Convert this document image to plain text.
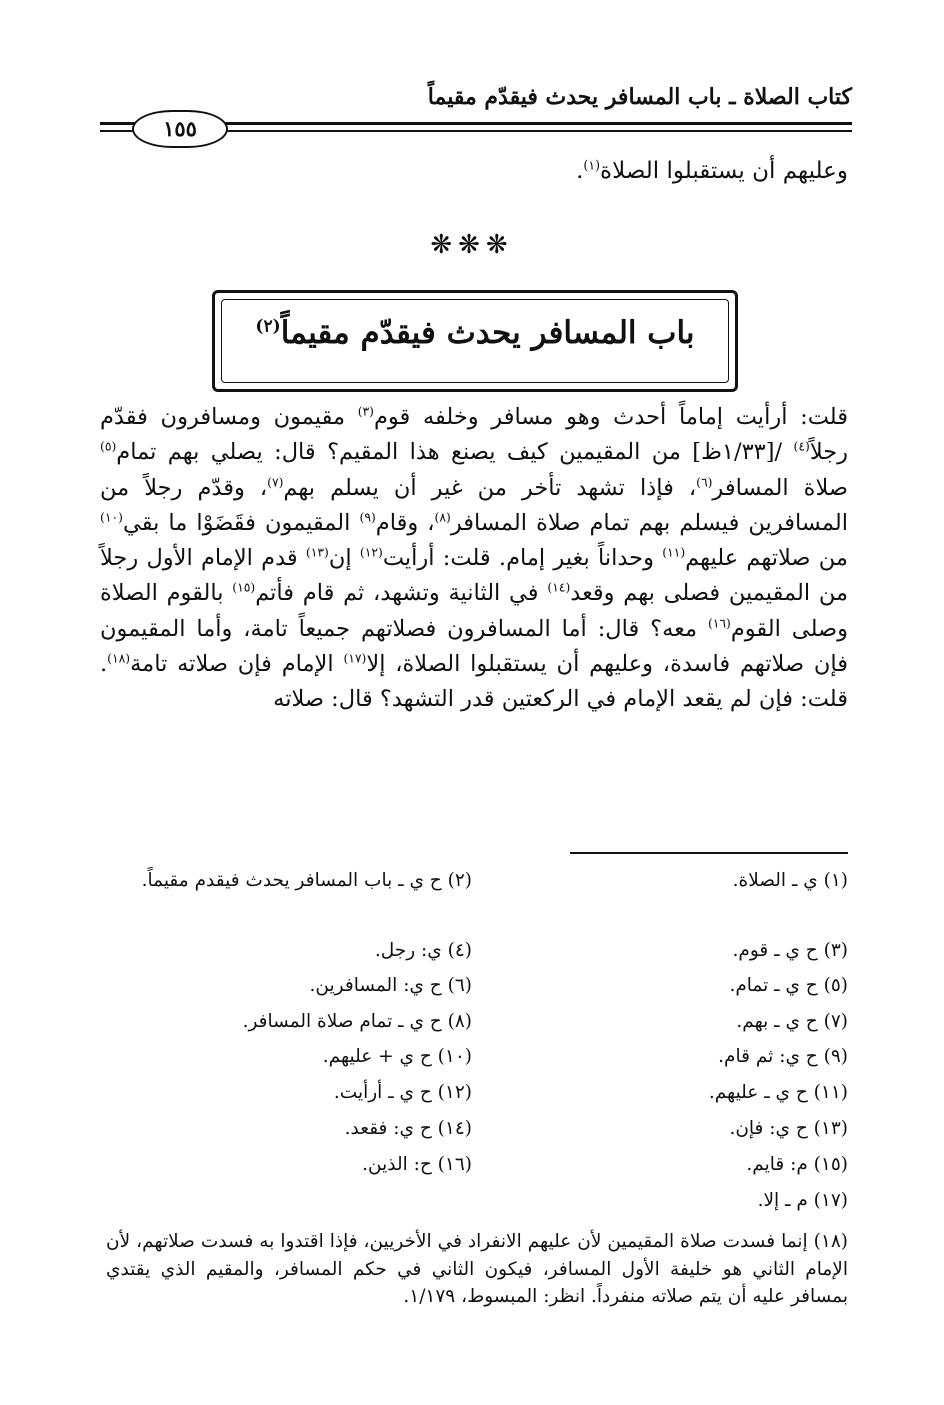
كتاب الصلاة ـ باب المسافر يحدث فيقدّم مقيماً
١٥٥
وعليهم أن يستقبلوا الصلاة$^{(١)}$.
❋❋❋
باب المسافر يحدث فيقدّم مقيماً$^{(٢)}$
قلت: أرأيت إماماً أحدث وهو مسافر وخلفه قوم$^{(٣)}$ مقيمون ومسافرون فقدّم رجلاً$^{(٤)}$ /[١/٣٣ظ] من المقيمين كيف يصنع هذا المقيم؟ قال: يصلي بهم تمام$^{(٥)}$ صلاة المسافر$^{(٦)}$، فإذا تشهد تأخر من غير أن يسلم بهم$^{(٧)}$، وقدّم رجلاً من المسافرين فيسلم بهم تمام صلاة المسافر$^{(٨)}$، وقام$^{(٩)}$ المقيمون فقَضَوْا ما بقي$^{(١٠)}$ من صلاتهم عليهم$^{(١١)}$ وحداناً بغير إمام. قلت: أرأيت$^{(١٢)}$ إن$^{(١٣)}$ قدم الإمام الأول رجلاً من المقيمين فصلى بهم وقعد$^{(١٤)}$ في الثانية وتشهد، ثم قام فأتم$^{(١٥)}$ بالقوم الصلاة وصلى القوم$^{(١٦)}$ معه؟ قال: أما المسافرون فصلاتهم جميعاً تامة، وأما المقيمون فإن صلاتهم فاسدة، وعليهم أن يستقبلوا الصلاة، إلا$^{(١٧)}$ الإمام فإن صلاته تامة$^{(١٨)}$. قلت: فإن لم يقعد الإمام في الركعتين قدر التشهد؟ قال: صلاته
(١) ي ـ الصلاة.
(٢) ح ي ـ باب المسافر يحدث فيقدم مقيماً.
(٣) ح ي ـ قوم.
(٤) ي: رجل.
(٥) ح ي ـ تمام.
(٦) ح ي: المسافرين.
(٧) ح ي ـ بهم.
(٨) ح ي ـ تمام صلاة المسافر.
(٩) ح ي: ثم قام.
(١٠) ح ي + عليهم.
(١١) ح ي ـ عليهم.
(١٢) ح ي ـ أرأيت.
(١٣) ح ي: فإن.
(١٤) ح ي: فقعد.
(١٥) م: قايم.
(١٦) ح: الذين.
(١٧) م ـ إلا.
(١٨) إنما فسدت صلاة المقيمين لأن عليهم الانفراد في الأخريين، فإذا اقتدوا به فسدت صلاتهم، لأن الإمام الثاني هو خليفة الأول المسافر، فيكون الثاني في حكم المسافر، والمقيم الذي يقتدي بمسافر عليه أن يتم صلاته منفرداً. انظر: المبسوط، ١/١٧٩.
